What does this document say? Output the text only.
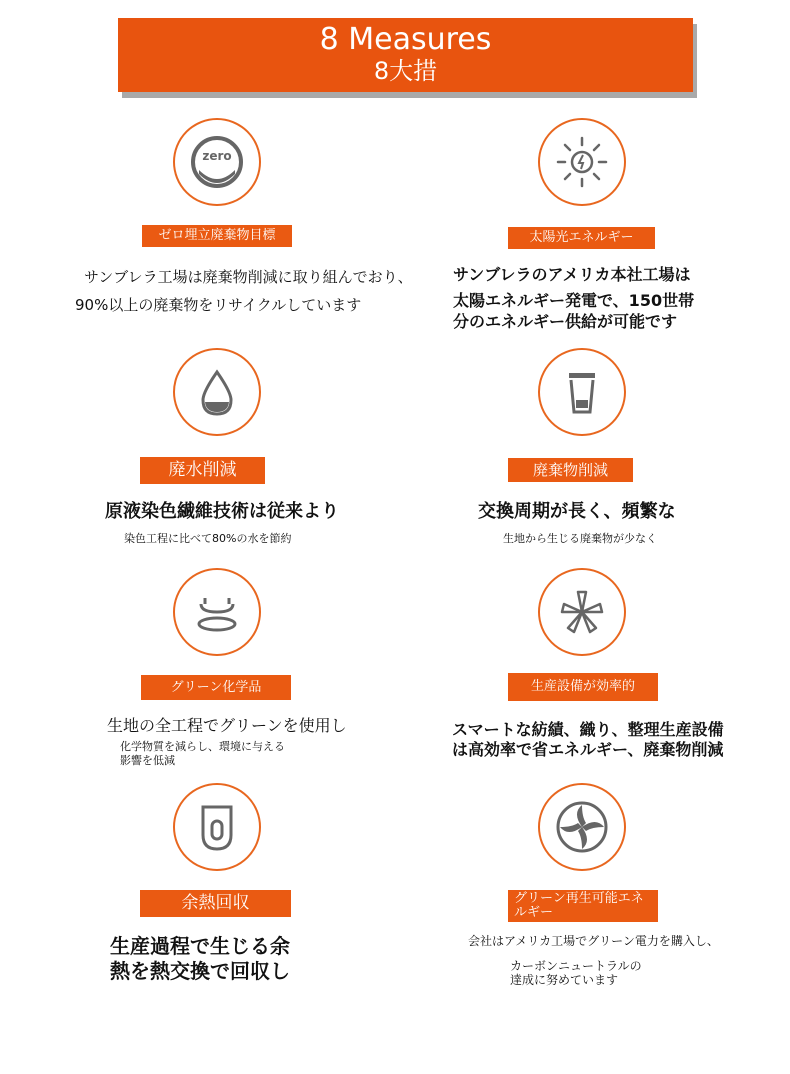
8 Measures
8大措
zero
ゼロ埋立廃棄物目標
サンブレラ工場は廃棄物削減に取り組んでおり、
90%以上の廃棄物をリサイクルしています
太陽光エネルギー
サンブレラのアメリカ本社工場は
太陽エネルギー発電で、150世帯
分のエネルギー供給が可能です
廃水削減
原液染色繊維技術は従来より
染色工程に比べて80%の水を節約
廃棄物削減
交換周期が長く、頻繁な
生地から生じる廃棄物が少なく
グリーン化学品
生地の全工程でグリーンを使用し
化学物質を減らし、環境に与える
影響を低減
生産設備が効率的
スマートな紡績、織り、整理生産設備
は高効率で省エネルギー、廃棄物削減
余熱回収
生産過程で生じる余
熱を熱交換で回収し
グリーン再生可能エネルギー
会社はアメリカ工場でグリーン電力を購入し、
カーボンニュートラルの
達成に努めています
